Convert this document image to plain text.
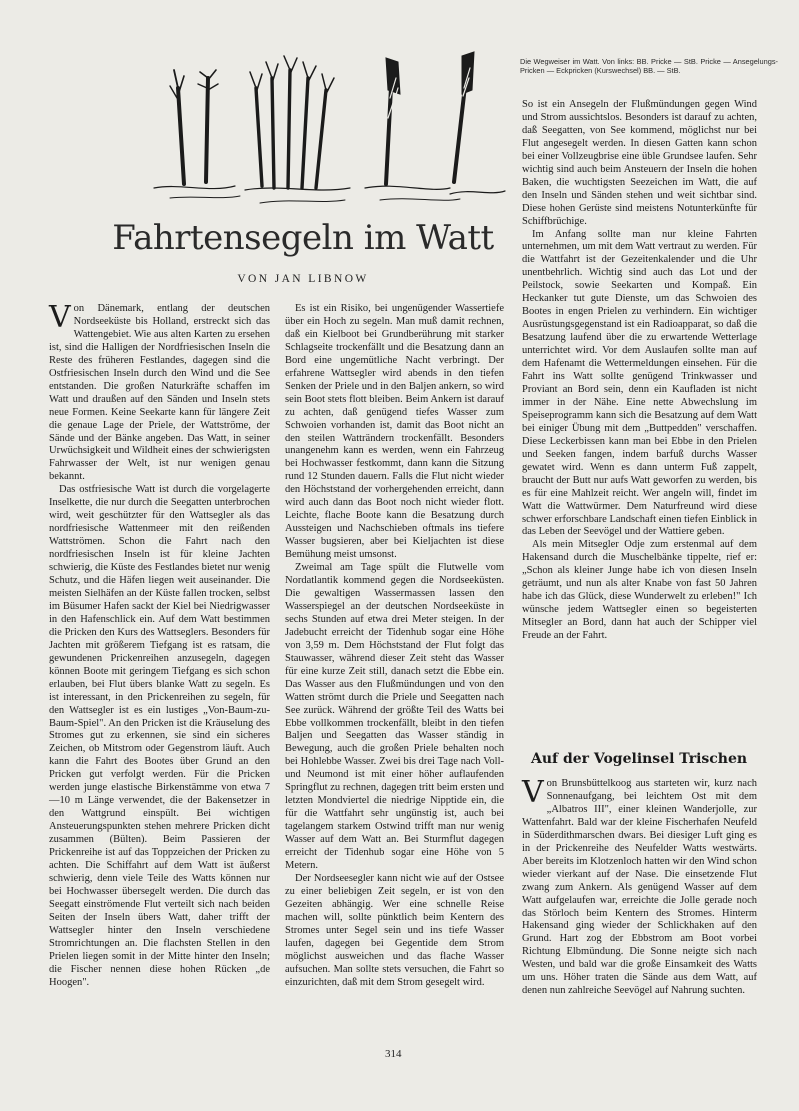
Die Wegweiser im Watt. Von links: BB. Pricke — StB. Pricke — Ansegelungs-Pricken — Eckpricken (Kurswechsel) BB. — StB.

Fahrtensegeln im Watt

VON JAN LIBNOW

Von Dänemark, entlang der deutschen Nordseeküste bis Holland, erstreckt sich das Wattengebiet. Wie aus alten Karten zu ersehen ist, sind die Halligen der Nordfriesischen Inseln die Reste des früheren Festlandes, dagegen sind die Ostfriesischen Inseln durch den Wind und die See entstanden. Die großen Naturkräfte schaffen im Watt und draußen auf den Sänden und Inseln stets neue Formen. Keine Seekarte kann für längere Zeit die genaue Lage der Priele, der Wattströme, der Sände und der Bänke angeben. Das Watt, in seiner Urwüchsigkeit und Wildheit eines der schwierigsten Fahrwasser der Welt, ist nur wenigen genau bekannt.

Das ostfriesische Watt ist durch die vorgelagerte Inselkette, die nur durch die Seegatten unterbrochen wird, weit geschützter für den Wattsegler als das nordfriesische Wattenmeer mit den reißenden Wattströmen. Schon die Fahrt nach den nordfriesischen Inseln ist für kleine Jachten schwierig, die Küste des Festlandes bietet nur wenig Schutz, und die Häfen liegen weit auseinander. Die meisten Sielhäfen an der Küste fallen trocken, selbst im Büsumer Hafen sackt der Kiel bei Niedrigwasser in den Hafenschlick ein. Auf dem Watt bestimmen die Pricken den Kurs des Wattseglers. Besonders für Jachten mit größerem Tiefgang ist es ratsam, die gewundenen Prickenreihen anzusegeln, dagegen können Boote mit geringem Tiefgang es sich schon erlauben, bei Flut übers blanke Watt zu segeln. Es ist interessant, in den Prickenreihen zu segeln, für den Wattsegler ist es ein lustiges „Von-Baum-zu-Baum-Spiel". An den Pricken ist die Kräuselung des Stromes gut zu erkennen, sie sind ein sicheres Zeichen, ob Mitstrom oder Gegenstrom läuft. Auch kann die Fahrt des Bootes über Grund an den Pricken gut verfolgt werden. Für die Pricken werden junge elastische Birkenstämme von etwa 7—10 m Länge verwendet, die der Bakensetzer in den Wattgrund einspült. Bei wichtigen Ansteuerungspunkten stehen mehrere Pricken dicht zusammen (Bülten). Beim Passieren der Prickenreihe ist auf das Toppzeichen der Pricken zu achten. Die Schiffahrt auf dem Watt ist äußerst schwierig, denn viele Teile des Watts können nur bei Hochwasser übersegelt werden. Die durch das Seegatt einströmende Flut verteilt sich nach beiden Seiten der Inseln übers Watt, daher trifft der Wattsegler hinter den Inseln verschiedene Stromrichtungen an. Die flachsten Stellen in den Prielen liegen somit in der Mitte hinter den Inseln; die Fischer nennen diese hohen Rücken „de Hoogen".

Es ist ein Risiko, bei ungenügender Wassertiefe über ein Hoch zu segeln. Man muß damit rechnen, daß ein Kielboot bei Grundberührung mit starker Schlagseite trockenfällt und die Besatzung dann an Bord eine ungemütliche Nacht verbringt. Der erfahrene Wattsegler wird abends in den tiefen Senken der Priele und in den Baljen ankern, so wird sein Boot stets flott bleiben. Beim Ankern ist darauf zu achten, daß genügend tiefes Wasser zum Schwoien vorhanden ist, damit das Boot nicht an den steilen Watträndern trockenfällt. Besonders unangenehm kann es werden, wenn ein Fahrzeug bei Hochwasser festkommt, dann kann die Sitzung rund 12 Stunden dauern. Falls die Flut nicht wieder den Höchststand der vorhergehenden erreicht, dann wird auch dann das Boot noch nicht wieder flott. Leichte, flache Boote kann die Besatzung durch Aussteigen und Nachschieben oftmals ins tiefere Wasser bugsieren, aber bei Kieljachten ist diese Bemühung meist umsonst.

Zweimal am Tage spült die Flutwelle vom Nordatlantik kommend gegen die Nordseeküsten. Die gewaltigen Wassermassen lassen den Wasserspiegel an der deutschen Nordseeküste in sechs Stunden auf etwa drei Meter steigen. In der Jadebucht erreicht der Tidenhub sogar eine Höhe von 3,59 m. Dem Höchststand der Flut folgt das Stauwasser, während dieser Zeit steht das Wasser für eine kurze Zeit still, danach setzt die Ebbe ein. Das Wasser aus den Flußmündungen und von den Watten strömt durch die Priele und Seegatten nach See zurück. Während der größte Teil des Watts bei Ebbe vollkommen trockenfällt, bleibt in den tiefen Baljen und Seegatten das Wasser ständig in Bewegung, auch die großen Priele behalten noch bei Hohlebbe Wasser. Zwei bis drei Tage nach Voll- und Neumond ist mit einer höher auflaufenden Springflut zu rechnen, dagegen tritt beim ersten und letzten Mondviertel die niedrige Nipptide ein, die für die Wattfahrt sehr ungünstig ist, auch bei tagelangem starkem Ostwind trifft man nur wenig Wasser auf dem Watt an. Bei Sturmflut dagegen erreicht der Tidenhub sogar eine Höhe von 5 Metern.

Der Nordseesegler kann nicht wie auf der Ostsee zu einer beliebigen Zeit segeln, er ist von den Gezeiten abhängig. Wer eine schnelle Reise machen will, sollte pünktlich beim Kentern des Stromes unter Segel sein und ins tiefe Wasser laufen, dagegen bei Gegentide dem Strom möglichst ausweichen und das flache Wasser aufsuchen. Man sollte stets versuchen, die Fahrt so einzurichten, daß mit dem Strom gesegelt wird.

So ist ein Ansegeln der Flußmündungen gegen Wind und Strom aussichtslos. Besonders ist darauf zu achten, daß Seegatten, von See kommend, möglichst nur bei Flut angesegelt werden. In diesen Gatten kann schon bei einer Vollzeugbrise eine üble Grundsee laufen. Sehr wichtig sind auch beim Ansteuern der Inseln die hohen Baken, die wuchtigsten Seezeichen im Watt, die auf den Inseln und Sänden stehen und weit sichtbar sind. Diese hohen Gerüste sind meistens Notunterkünfte für Schiffbrüchige.

Im Anfang sollte man nur kleine Fahrten unternehmen, um mit dem Watt vertraut zu werden. Für die Wattfahrt ist der Gezeitenkalender und die Uhr unentbehrlich. Wichtig sind auch das Lot und der Peilstock, sowie Seekarten und Kompaß. Ein Heckanker tut gute Dienste, um das Schwoien des Bootes in engen Prielen zu verhindern. Ein wichtiger Ausrüstungsgegenstand ist ein Radioapparat, so daß die Besatzung laufend über die zu erwartende Wetterlage unterrichtet wird. Vor dem Auslaufen sollte man auf dem Hafenamt die Wettermeldungen einsehen. Für die Fahrt ins Watt sollte genügend Trinkwasser und Proviant an Bord sein, denn ein Kaufladen ist nicht immer in der Nähe. Eine nette Abwechslung im Speiseprogramm kann sich die Besatzung auf dem Watt bei einiger Übung mit dem „Buttpedden" verschaffen. Diese Leckerbissen kann man bei Ebbe in den Prielen und Seeken fangen, indem barfuß durchs Wasser gewatet wird. Wenn es dann unterm Fuß zappelt, braucht der Butt nur aufs Watt geworfen zu werden, bis es für eine Mahlzeit reicht. Wer angeln will, findet im Watt die Wattwürmer. Dem Naturfreund wird diese schwer erforschbare Landschaft einen tiefen Einblick in das Leben der Seevögel und der Wattiere geben.

Als mein Mitsegler Odje zum erstenmal auf dem Hakensand durch die Muschelbänke tippelte, rief er: „Schon als kleiner Junge habe ich von diesen Inseln geträumt, und nun als alter Knabe von fast 50 Jahren habe ich das Glück, diese Wunderwelt zu erleben!" Ich wünsche jedem Wattsegler einen so begeisterten Mitsegler an Bord, dann hat auch der Schipper viel Freude an der Fahrt.

Auf der Vogelinsel Trischen

Von Brunsbüttelkoog aus starteten wir, kurz nach Sonnenaufgang, bei leichtem Ost mit dem „Albatros III", einer kleinen Wanderjolle, zur Wattenfahrt. Bald war der kleine Fischerhafen Neufeld in Süderdithmarschen dwars. Bei diesiger Luft ging es in der Prickenreihe des Neufelder Watts westwärts. Aber bereits im Klotzenloch hatten wir den Wind schon wieder vierkant auf der Nase. Die einsetzende Flut zwang zum Ankern. Als genügend Wasser auf dem Watt aufgelaufen war, erreichte die Jolle gerade noch das Störloch beim Kentern des Stromes. Hinterm Hakensand ging wieder der Schlickhaken auf den Grund. Hart zog der Ebbstrom am Boot vorbei Richtung Elbmündung. Die Sonne neigte sich nach Westen, und bald war die große Einsamkeit des Watts um uns. Höher traten die Sände aus dem Watt, auf denen nun zahlreiche Seevögel auf Nahrung suchten.

314
